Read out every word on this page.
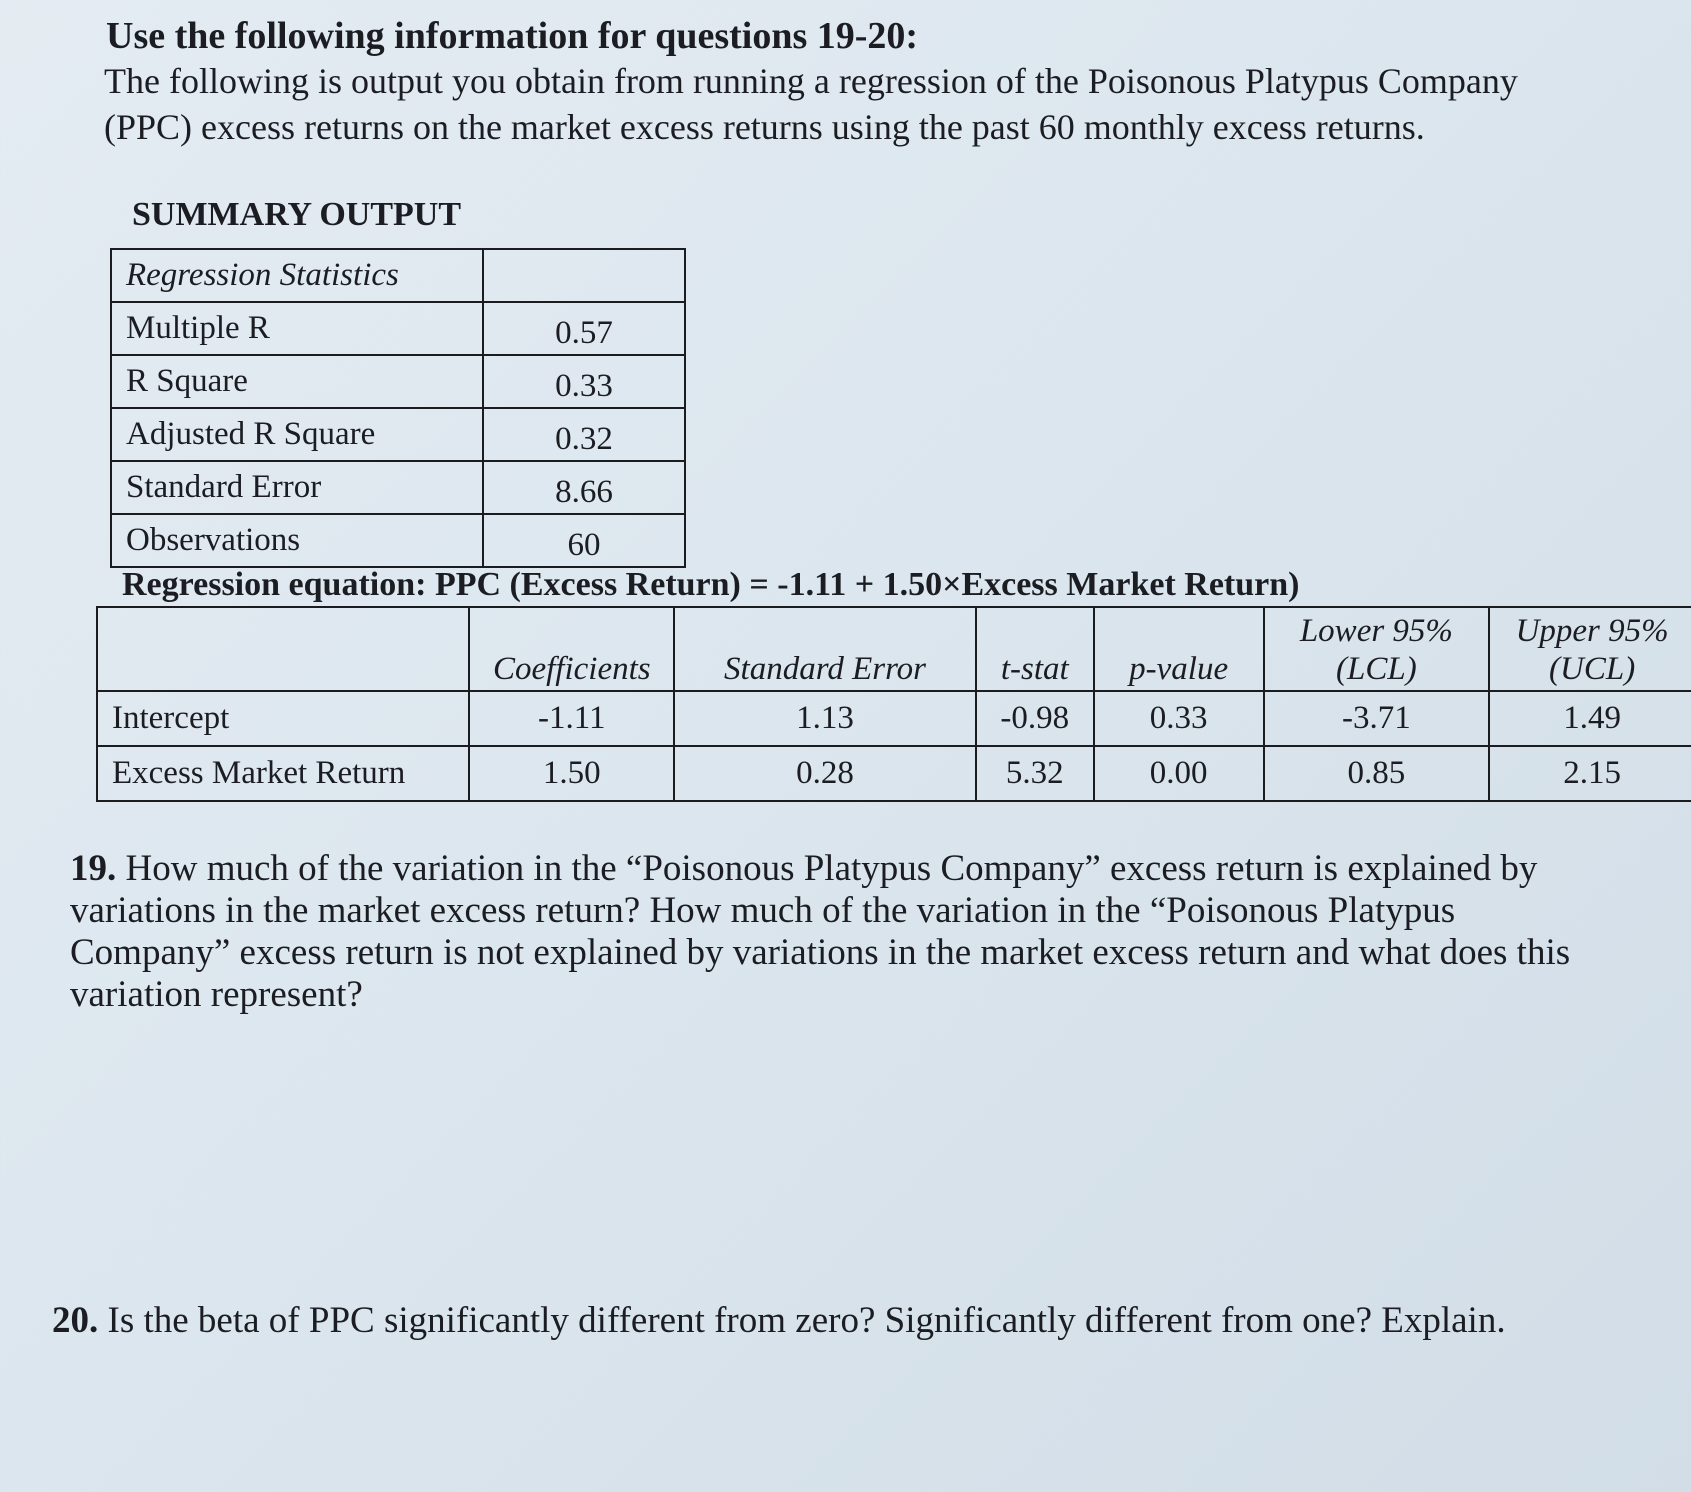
Use the following information for questions 19-20:

The following is output you obtain from running a regression of the Poisonous Platypus Company (PPC) excess returns on the market excess returns using the past 60 monthly excess returns.

SUMMARY OUTPUT

Regression Statistics	
Multiple R	0.57
R Square	0.33
Adjusted R Square	0.32
Standard Error	8.66
Observations	60

Regression equation: PPC (Excess Return) = -1.11 + 1.50×Excess Market Return)

	Coefficients	Standard Error	t-stat	p-value	Lower 95% (LCL)	Upper 95% (UCL)
Intercept	-1.11	1.13	-0.98	0.33	-3.71	1.49
Excess Market Return	1.50	0.28	5.32	0.00	0.85	2.15

19. How much of the variation in the “Poisonous Platypus Company” excess return is explained by variations in the market excess return? How much of the variation in the “Poisonous Platypus Company” excess return is not explained by variations in the market excess return and what does this variation represent?

20. Is the beta of PPC significantly different from zero? Significantly different from one? Explain.
